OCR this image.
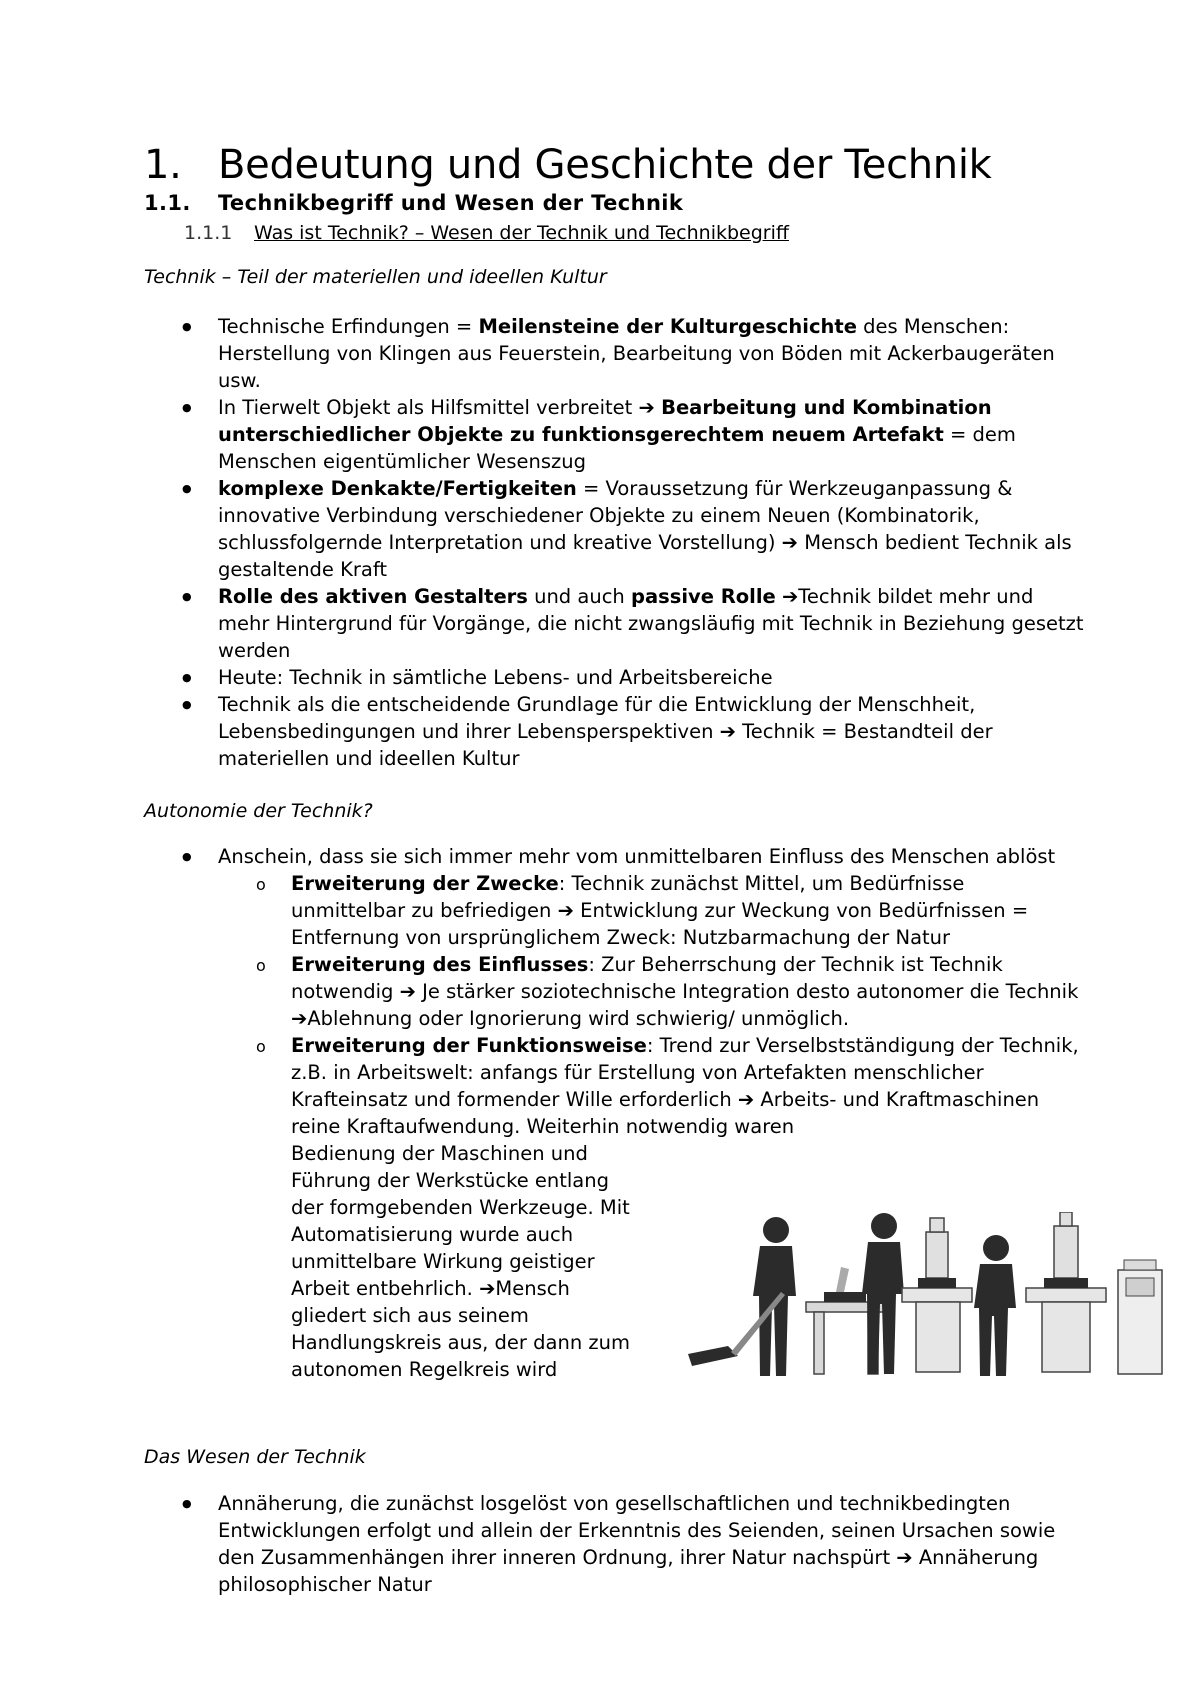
1. Bedeutung und Geschichte der Technik
1.1. Technikbegriff und Wesen der Technik
1.1.1 Was ist Technik? – Wesen der Technik und Technikbegriff
Technik – Teil der materiellen und ideellen Kultur
● Technische Erfindungen = Meilensteine der Kulturgeschichte des Menschen: Herstellung von Klingen aus Feuerstein, Bearbeitung von Böden mit Ackerbaugeräten usw.
● In Tierwelt Objekt als Hilfsmittel verbreitet ➔ Bearbeitung und Kombination unterschiedlicher Objekte zu funktionsgerechtem neuem Artefakt = dem Menschen eigentümlicher Wesenszug
● komplexe Denkakte/Fertigkeiten = Voraussetzung für Werkzeuganpassung & innovative Verbindung verschiedener Objekte zu einem Neuen (Kombinatorik, schlussfolgernde Interpretation und kreative Vorstellung) ➔ Mensch bedient Technik als gestaltende Kraft
● Rolle des aktiven Gestalters und auch passive Rolle ➔Technik bildet mehr und mehr Hintergrund für Vorgänge, die nicht zwangsläufig mit Technik in Beziehung gesetzt werden
● Heute: Technik in sämtliche Lebens- und Arbeitsbereiche
● Technik als die entscheidende Grundlage für die Entwicklung der Menschheit, Lebensbedingungen und ihrer Lebensperspektiven ➔ Technik = Bestandteil der materiellen und ideellen Kultur
Autonomie der Technik?
● Anschein, dass sie sich immer mehr vom unmittelbaren Einfluss des Menschen ablöst
o Erweiterung der Zwecke: Technik zunächst Mittel, um Bedürfnisse unmittelbar zu befriedigen ➔ Entwicklung zur Weckung von Bedürfnissen = Entfernung von ursprünglichem Zweck: Nutzbarmachung der Natur
o Erweiterung des Einflusses: Zur Beherrschung der Technik ist Technik notwendig ➔ Je stärker soziotechnische Integration desto autonomer die Technik ➔Ablehnung oder Ignorierung wird schwierig/ unmöglich.
o Erweiterung der Funktionsweise: Trend zur Verselbstständigung der Technik, z.B. in Arbeitswelt: anfangs für Erstellung von Artefakten menschlicher Krafteinsatz und formender Wille erforderlich ➔ Arbeits- und Kraftmaschinen reine Kraftaufwendung. Weiterhin notwendig waren
Bedienung der Maschinen und Führung der Werkstücke entlang der formgebenden Werkzeuge. Mit Automatisierung wurde auch unmittelbare Wirkung geistiger Arbeit entbehrlich. ➔Mensch gliedert sich aus seinem Handlungskreis aus, der dann zum autonomen Regelkreis wird
Das Wesen der Technik
● Annäherung, die zunächst losgelöst von gesellschaftlichen und technikbedingten Entwicklungen erfolgt und allein der Erkenntnis des Seienden, seinen Ursachen sowie den Zusammenhängen ihrer inneren Ordnung, ihrer Natur nachspürt ➔ Annäherung philosophischer Natur
